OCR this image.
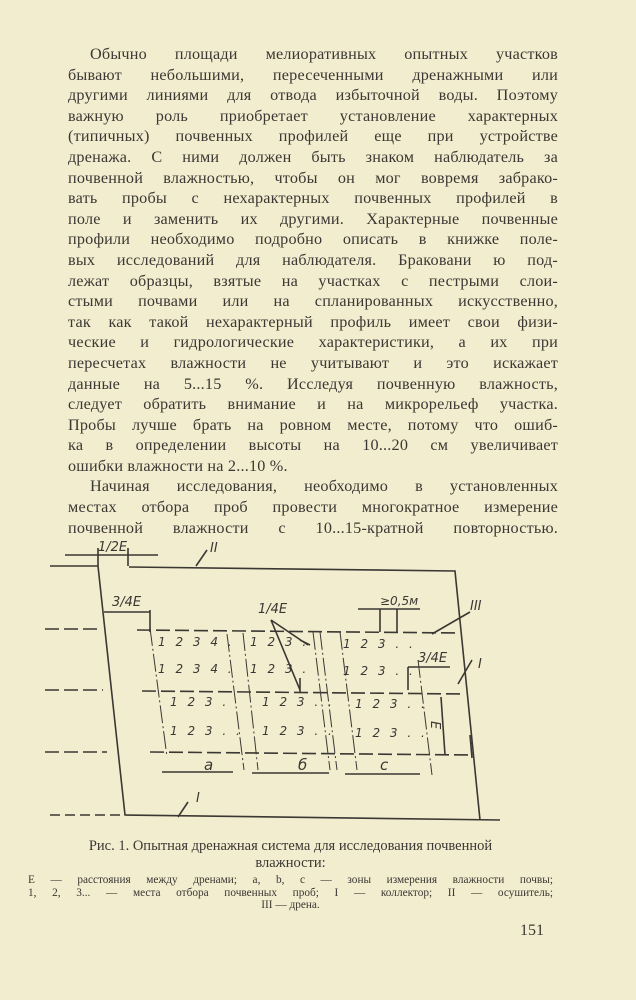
Обычно площади мелиоративных опытных участков
бывают небольшими, пересеченными дренажными или
другими линиями для отвода избыточной воды. Поэтому
важную роль приобретает установление характерных
(типичных) почвенных профилей еще при устройстве
дренажа. С ними должен быть знаком наблюдатель за
почвенной влажностью, чтобы он мог вовремя забрако-
вать пробы с нехарактерных почвенных профилей в
поле и заменить их другими. Характерные почвенные
профили необходимо подробно описать в книжке поле-
вых исследований для наблюдателя. Браковани ю под-
лежат образцы, взятые на участках с пестрыми слои-
стыми почвами или на спланированных искусственно,
так как такой нехарактерный профиль имеет свои физи-
ческие и гидрологические характеристики, а их при
пересчетах влажности не учитывают и это искажает
данные на 5...15 %. Исследуя почвенную влажность,
следует обратить внимание и на микрорельеф участка.
Пробы лучше брать на ровном месте, потому что ошиб-
ка в определении высоты на 10...20 см увеличивает
ошибки влажности на 2...10 %.
Начиная исследования, необходимо в установленных
местах отбора проб провести многократное измерение
почвенной влажности с 10...15-кратной повторностью.
1/2E	II
3/4E	1/4E
≥0,5м	III
3/4E I
E
a	б	c
I
1 2 3 4 .
1 2 3 4 .
1 2 3 .
1 2 3 . .
1 2 3 .
1 2 3 .
1 2 3 . .
1 2 3 . .
1 2 3 . .
1 2 3 . .
1 2 3 . .
1 2 3 . .
Рис. 1. Опытная дренажная система для исследования почвенной
влажности:
E — расстояния между дренами; a, b, c — зоны измерения влажности почвы;
1, 2, 3... — места отбора почвенных проб; I — коллектор; II — осушитель;
III — дрена.
151
